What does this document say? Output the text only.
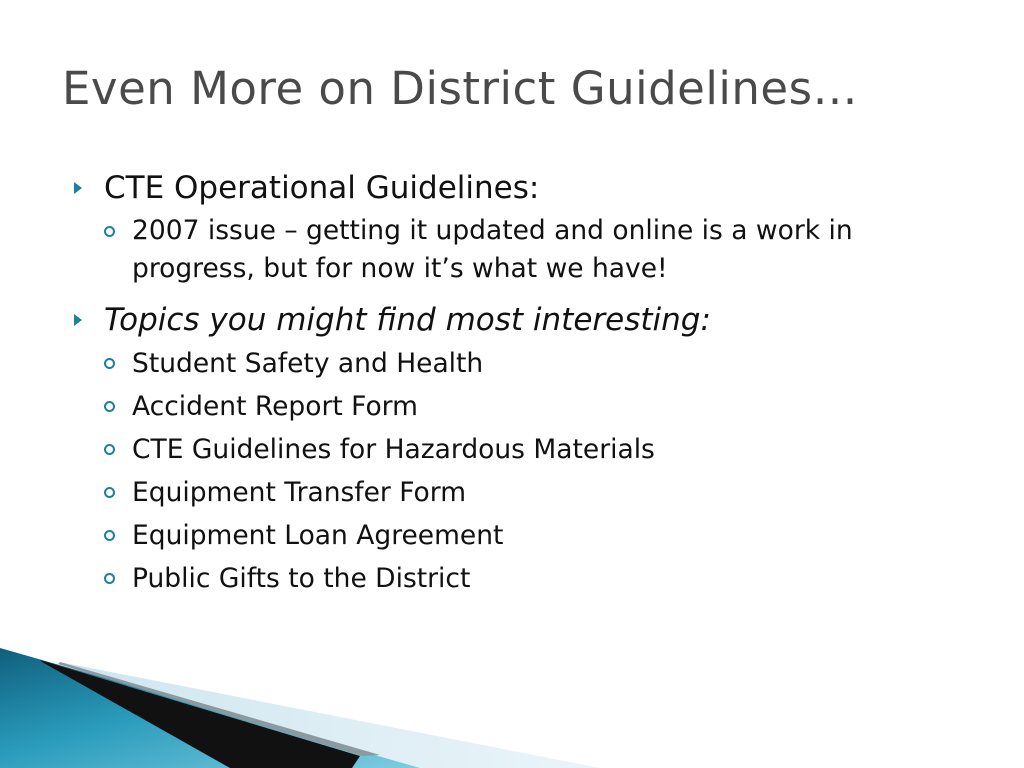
Even More on District Guidelines…
CTE Operational Guidelines:
2007 issue – getting it updated and online is a work in progress, but for now it’s what we have!
Topics you might find most interesting:
Student Safety and Health
Accident Report Form
CTE Guidelines for Hazardous Materials
Equipment Transfer Form
Equipment Loan Agreement
Public Gifts to the District
